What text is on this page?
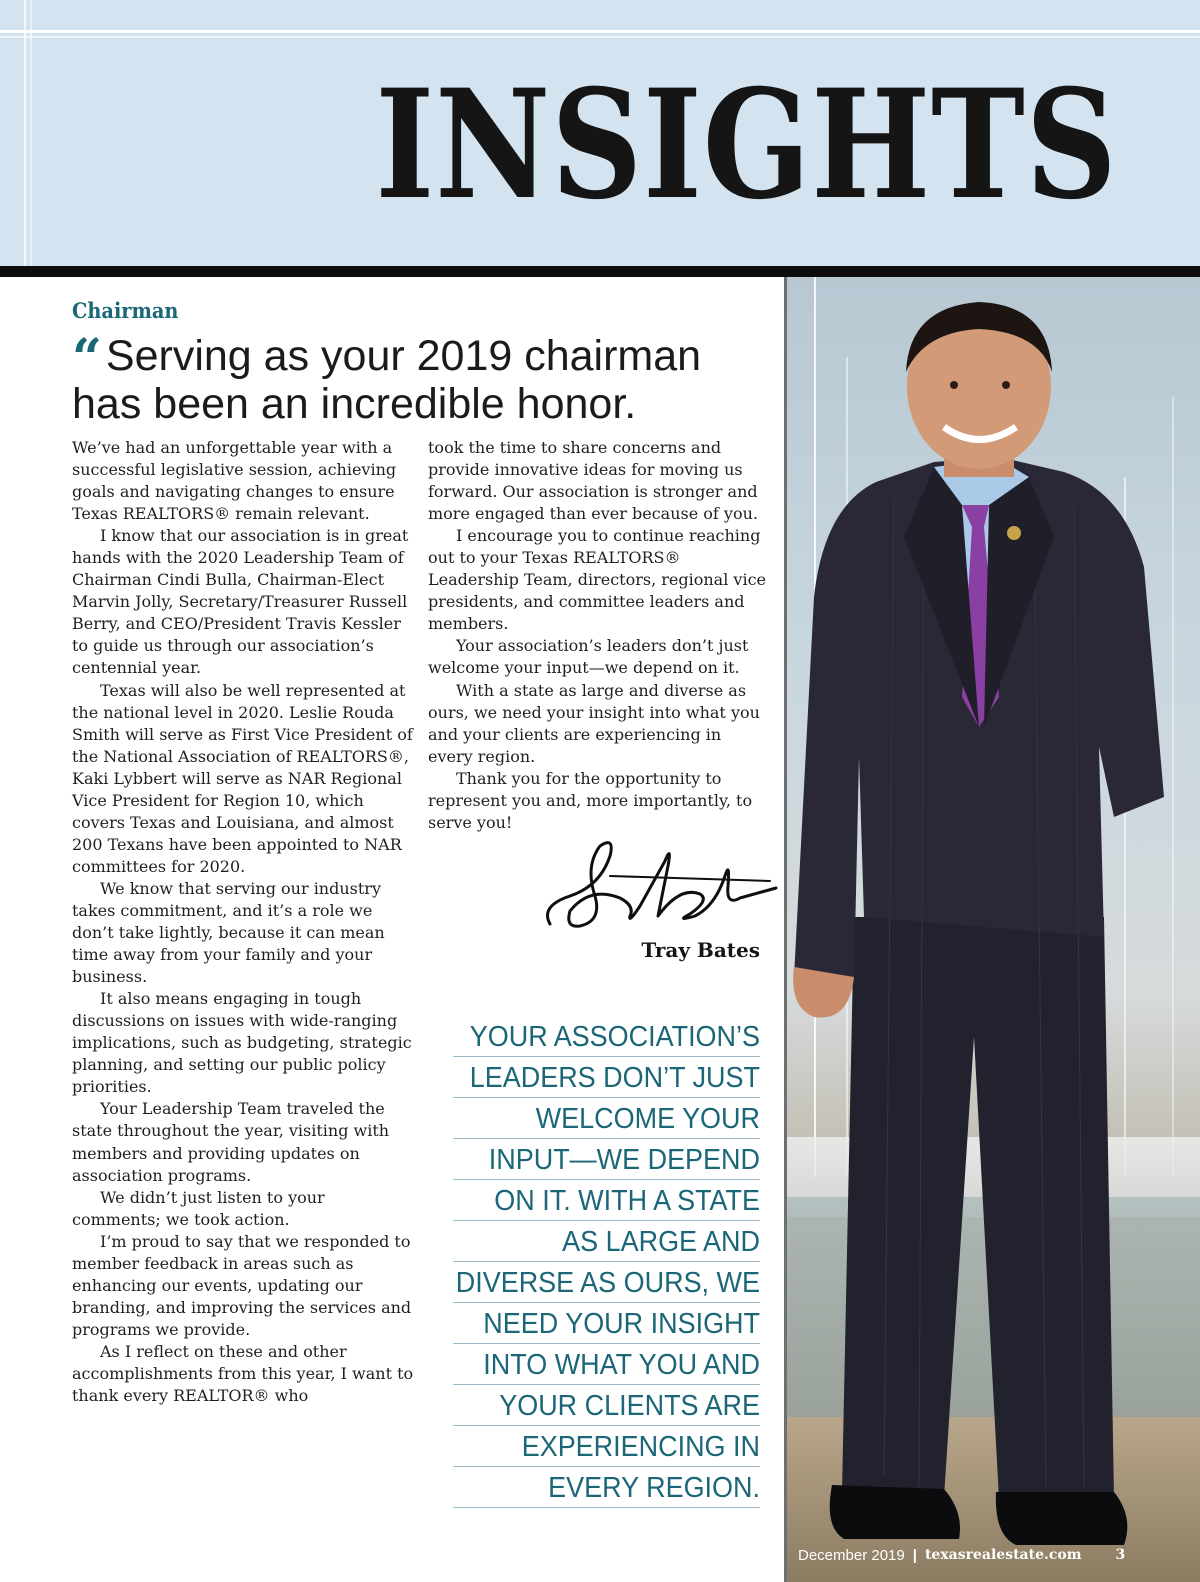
INSIGHTS
December 2019 | texasrealestate.com 3
Chairman
“ Serving as your 2019 chairman has been an incredible honor.

We’ve had an unforgettable year with a successful legislative session, achieving goals and navigating changes to ensure Texas REALTORS® remain relevant.

I know that our association is in great hands with the 2020 Leadership Team of Chairman Cindi Bulla, Chairman-Elect Marvin Jolly, Secretary/Treasurer Russell Berry, and CEO/President Travis Kessler to guide us through our association’s centennial year.

Texas will also be well represented at the national level in 2020. Leslie Rouda Smith will serve as First Vice President of the National Association of REALTORS®, Kaki Lybbert will serve as NAR Regional Vice President for Region 10, which covers Texas and Louisiana, and almost 200 Texans have been appointed to NAR committees for 2020.

We know that serving our industry takes commitment, and it’s a role we don’t take lightly, because it can mean time away from your family and your business.

It also means engaging in tough discussions on issues with wide-ranging implications, such as budgeting, strategic planning, and setting our public policy priorities.

Your Leadership Team traveled the state throughout the year, visiting with members and providing updates on association programs.

We didn’t just listen to your comments; we took action.

I’m proud to say that we responded to member feedback in areas such as enhancing our events, updating our branding, and improving the services and programs we provide.

As I reflect on these and other accomplishments from this year, I want to thank every REALTOR® who

took the time to share concerns and provide innovative ideas for moving us forward. Our association is stronger and more engaged than ever because of you.

I encourage you to continue reaching out to your Texas REALTORS® Leadership Team, directors, regional vice presidents, and committee leaders and members.

Your association’s leaders don’t just welcome your input—we depend on it.

With a state as large and diverse as ours, we need your insight into what you and your clients are experiencing in every region.

Thank you for the opportunity to represent you and, more importantly, to serve you!

Tray Bates

YOUR ASSOCIATION’S
LEADERS DON’T JUST
WELCOME YOUR
INPUT—WE DEPEND
ON IT. WITH A STATE
AS LARGE AND
DIVERSE AS OURS, WE
NEED YOUR INSIGHT
INTO WHAT YOU AND
YOUR CLIENTS ARE
EXPERIENCING IN
EVERY REGION.
